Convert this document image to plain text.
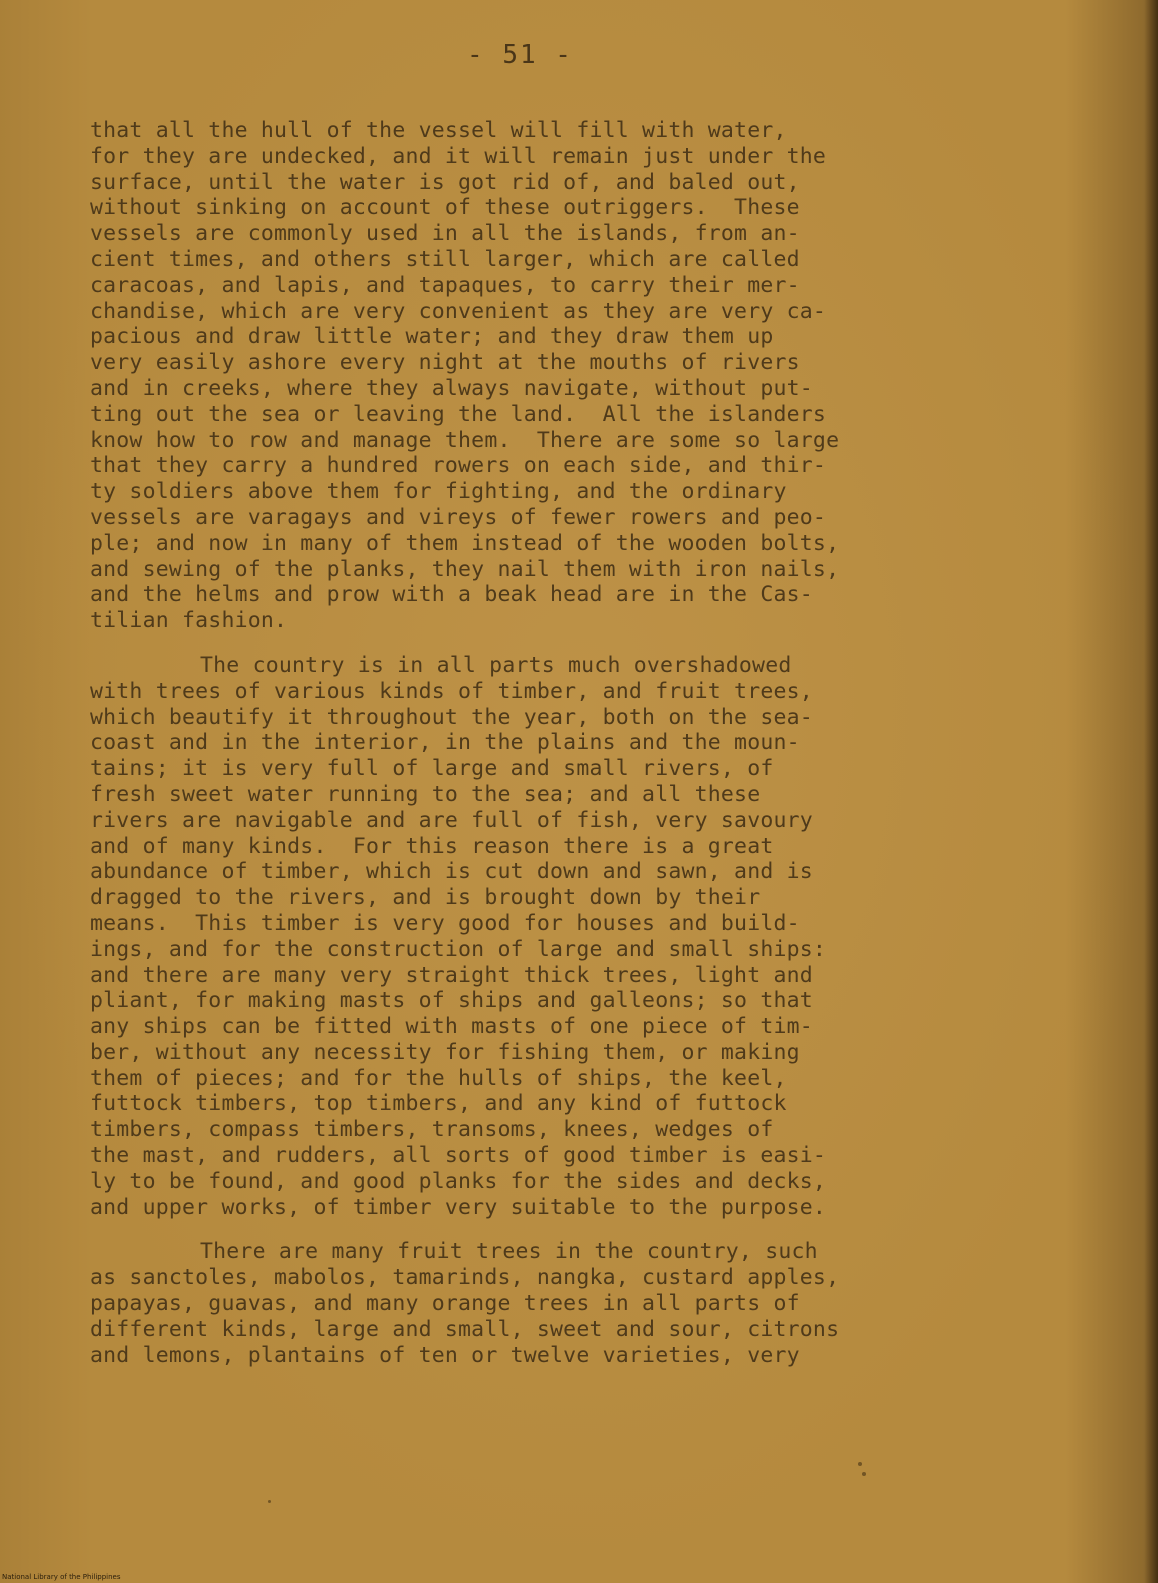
- 51 -
that all the hull of the vessel will fill with water,
for they are undecked, and it will remain just under the
surface, until the water is got rid of, and baled out,
without sinking on account of these outriggers.  These
vessels are commonly used in all the islands, from an-
cient times, and others still larger, which are called
caracoas, and lapis, and tapaques, to carry their mer-
chandise, which are very convenient as they are very ca-
pacious and draw little water; and they draw them up
very easily ashore every night at the mouths of rivers
and in creeks, where they always navigate, without put-
ting out the sea or leaving the land.  All the islanders
know how to row and manage them.  There are some so large
that they carry a hundred rowers on each side, and thir-
ty soldiers above them for fighting, and the ordinary
vessels are varagays and vireys of fewer rowers and peo-
ple; and now in many of them instead of the wooden bolts,
and sewing of the planks, they nail them with iron nails,
and the helms and prow with a beak head are in the Cas-
tilian fashion.
The country is in all parts much overshadowed
with trees of various kinds of timber, and fruit trees,
which beautify it throughout the year, both on the sea-
coast and in the interior, in the plains and the moun-
tains; it is very full of large and small rivers, of
fresh sweet water running to the sea; and all these
rivers are navigable and are full of fish, very savoury
and of many kinds.  For this reason there is a great
abundance of timber, which is cut down and sawn, and is
dragged to the rivers, and is brought down by their
means.  This timber is very good for houses and build-
ings, and for the construction of large and small ships:
and there are many very straight thick trees, light and
pliant, for making masts of ships and galleons; so that
any ships can be fitted with masts of one piece of tim-
ber, without any necessity for fishing them, or making
them of pieces; and for the hulls of ships, the keel,
futtock timbers, top timbers, and any kind of futtock
timbers, compass timbers, transoms, knees, wedges of
the mast, and rudders, all sorts of good timber is easi-
ly to be found, and good planks for the sides and decks,
and upper works, of timber very suitable to the purpose.
There are many fruit trees in the country, such
as sanctoles, mabolos, tamarinds, nangka, custard apples,
papayas, guavas, and many orange trees in all parts of
different kinds, large and small, sweet and sour, citrons
and lemons, plantains of ten or twelve varieties, very
National Library of the Philippines
